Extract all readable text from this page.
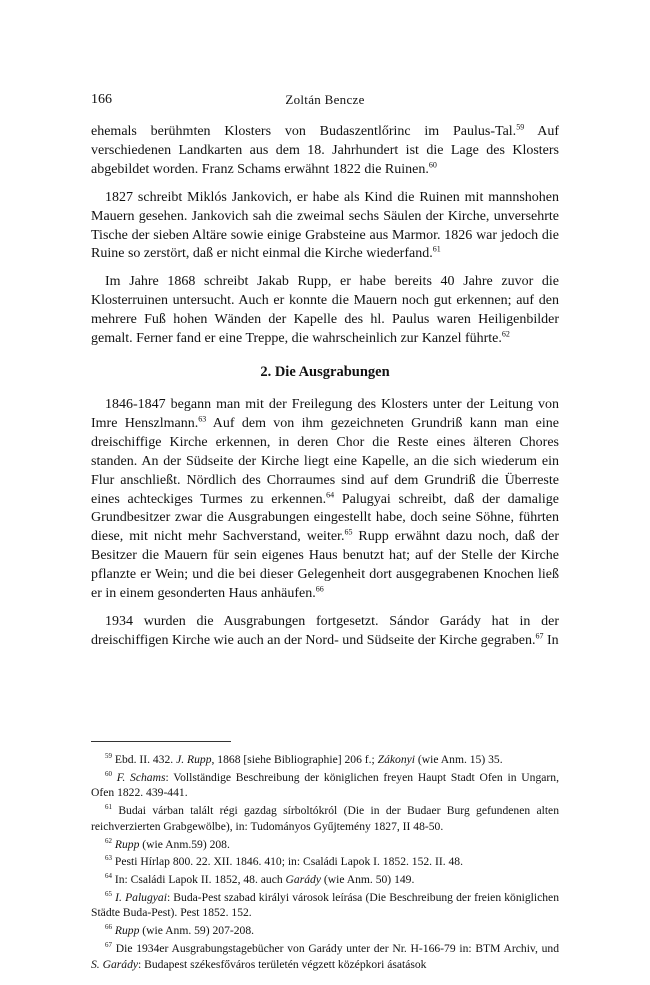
166	Zoltán Bencze

ehemals berühmten Klosters von Budaszentlőrinc im Paulus-Tal.$^{59}$ Auf verschiedenen Landkarten aus dem 18. Jahrhundert ist die Lage des Klosters abgebildet worden. Franz Schams erwähnt 1822 die Ruinen.$^{60}$

1827 schreibt Miklós Jankovich, er habe als Kind die Ruinen mit mannshohen Mauern gesehen. Jankovich sah die zweimal sechs Säulen der Kirche, unversehrte Tische der sieben Altäre sowie einige Grabsteine aus Marmor. 1826 war jedoch die Ruine so zerstört, daß er nicht einmal die Kirche wiederfand.$^{61}$

Im Jahre 1868 schreibt Jakab Rupp, er habe bereits 40 Jahre zuvor die Klosterruinen untersucht. Auch er konnte die Mauern noch gut erkennen; auf den mehrere Fuß hohen Wänden der Kapelle des hl. Paulus waren Heiligenbilder gemalt. Ferner fand er eine Treppe, die wahrscheinlich zur Kanzel führte.$^{62}$

2. Die Ausgrabungen

1846-1847 begann man mit der Freilegung des Klosters unter der Leitung von Imre Henszlmann.$^{63}$ Auf dem von ihm gezeichneten Grundriß kann man eine dreischiffige Kirche erkennen, in deren Chor die Reste eines älteren Chores standen. An der Südseite der Kirche liegt eine Kapelle, an die sich wiederum ein Flur anschließt. Nördlich des Chorraumes sind auf dem Grundriß die Überreste eines achteckiges Turmes zu erkennen.$^{64}$ Palugyai schreibt, daß der damalige Grundbesitzer zwar die Ausgrabungen eingestellt habe, doch seine Söhne, führten diese, mit nicht mehr Sachverstand, weiter.$^{65}$ Rupp erwähnt dazu noch, daß der Besitzer die Mauern für sein eigenes Haus benutzt hat; auf der Stelle der Kirche pflanzte er Wein; und die bei dieser Gelegenheit dort ausgegrabenen Knochen ließ er in einem gesonderten Haus anhäufen.$^{66}$

1934 wurden die Ausgrabungen fortgesetzt. Sándor Garády hat in der dreischiffigen Kirche wie auch an der Nord- und Südseite der Kirche gegraben.$^{67}$ In

$^{59}$ Ebd. II. 432. J. Rupp, 1868 [siehe Bibliographie] 206 f.; Zákonyi (wie Anm. 15) 35.

$^{60}$ F. Schams: Vollständige Beschreibung der königlichen freyen Haupt Stadt Ofen in Ungarn, Ofen 1822. 439-441.

$^{61}$ Budai várban talált régi gazdag sírbolt​ókról (Die in der Budaer Burg gefundenen alten reichverzierten Grabgewölbe), in: Tudományos Gyűjtemény 1827, II 48-50.

$^{62}$ Rupp (wie Anm.59) 208.

$^{63}$ Pesti Hírlap 800. 22. XII. 1846. 410; in: Családi Lapok I. 1852. 152. II. 48.

$^{64}$ In: Családi Lapok II. 1852, 48. auch Garády (wie Anm. 50) 149.

$^{65}$ I. Palugyai: Buda-Pest szabad királyi városok leírása (Die Beschreibung der freien königlichen Städte Buda-Pest). Pest 1852. 152.

$^{66}$ Rupp (wie Anm. 59) 207-208.

$^{67}$ Die 1934er Ausgrabungstagebücher von Garády unter der Nr. H-166-79 in: BTM Archiv, und S. Garády: Budapest székesfőváros területén végzett középkori ásatások
